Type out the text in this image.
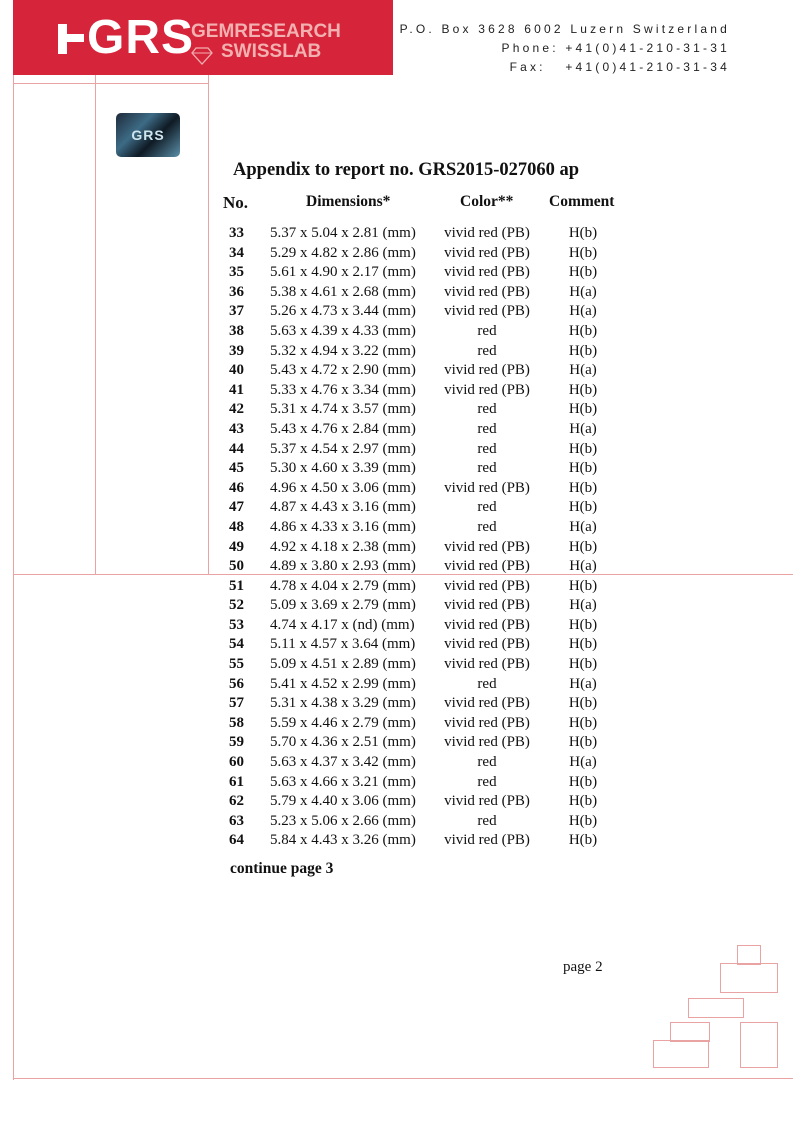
GRS
GEMRESEARCH
SWISSLAB
P.O. Box 3628 6002 Luzern Switzerland
Phone: +41(0)41-210-31-31
Fax:   +41(0)41-210-31-34
GRS
Appendix to report no. GRS2015-027060 ap
No.	Dimensions*	Color** Comment
33 5.37 x 5.04 x 2.81 (mm) vivid red (PB)	H(b)
34 5.29 x 4.82 x 2.86 (mm) vivid red (PB)	H(b)
35 5.61 x 4.90 x 2.17 (mm) vivid red (PB)	H(b)
36 5.38 x 4.61 x 2.68 (mm) vivid red (PB)	H(a)
37 5.26 x 4.73 x 3.44 (mm) vivid red (PB)	H(a)
38 5.63 x 4.39 x 4.33 (mm)	red	H(b)
39 5.32 x 4.94 x 3.22 (mm)	red	H(b)
40 5.43 x 4.72 x 2.90 (mm) vivid red (PB)	H(a)
41 5.33 x 4.76 x 3.34 (mm) vivid red (PB)	H(b)
42 5.31 x 4.74 x 3.57 (mm)	red	H(b)
43 5.43 x 4.76 x 2.84 (mm)	red	H(a)
44 5.37 x 4.54 x 2.97 (mm)	red	H(b)
45 5.30 x 4.60 x 3.39 (mm)	red	H(b)
46 4.96 x 4.50 x 3.06 (mm) vivid red (PB)	H(b)
47 4.87 x 4.43 x 3.16 (mm)	red	H(b)
48 4.86 x 4.33 x 3.16 (mm)	red	H(a)
49 4.92 x 4.18 x 2.38 (mm) vivid red (PB)	H(b)
50 4.89 x 3.80 x 2.93 (mm) vivid red (PB)	H(a)
51 4.78 x 4.04 x 2.79 (mm) vivid red (PB)	H(b)
52 5.09 x 3.69 x 2.79 (mm) vivid red (PB)	H(a)
53 4.74 x 4.17 x (nd) (mm) vivid red (PB)	H(b)
54 5.11 x 4.57 x 3.64 (mm) vivid red (PB)	H(b)
55 5.09 x 4.51 x 2.89 (mm) vivid red (PB)	H(b)
56 5.41 x 4.52 x 2.99 (mm)	red	H(a)
57 5.31 x 4.38 x 3.29 (mm) vivid red (PB)	H(b)
58 5.59 x 4.46 x 2.79 (mm) vivid red (PB)	H(b)
59 5.70 x 4.36 x 2.51 (mm) vivid red (PB)	H(b)
60 5.63 x 4.37 x 3.42 (mm)	red	H(a)
61 5.63 x 4.66 x 3.21 (mm)	red	H(b)
62 5.79 x 4.40 x 3.06 (mm) vivid red (PB)	H(b)
63 5.23 x 5.06 x 2.66 (mm)	red	H(b)
64 5.84 x 4.43 x 3.26 (mm) vivid red (PB)	H(b)
continue page 3
page 2
